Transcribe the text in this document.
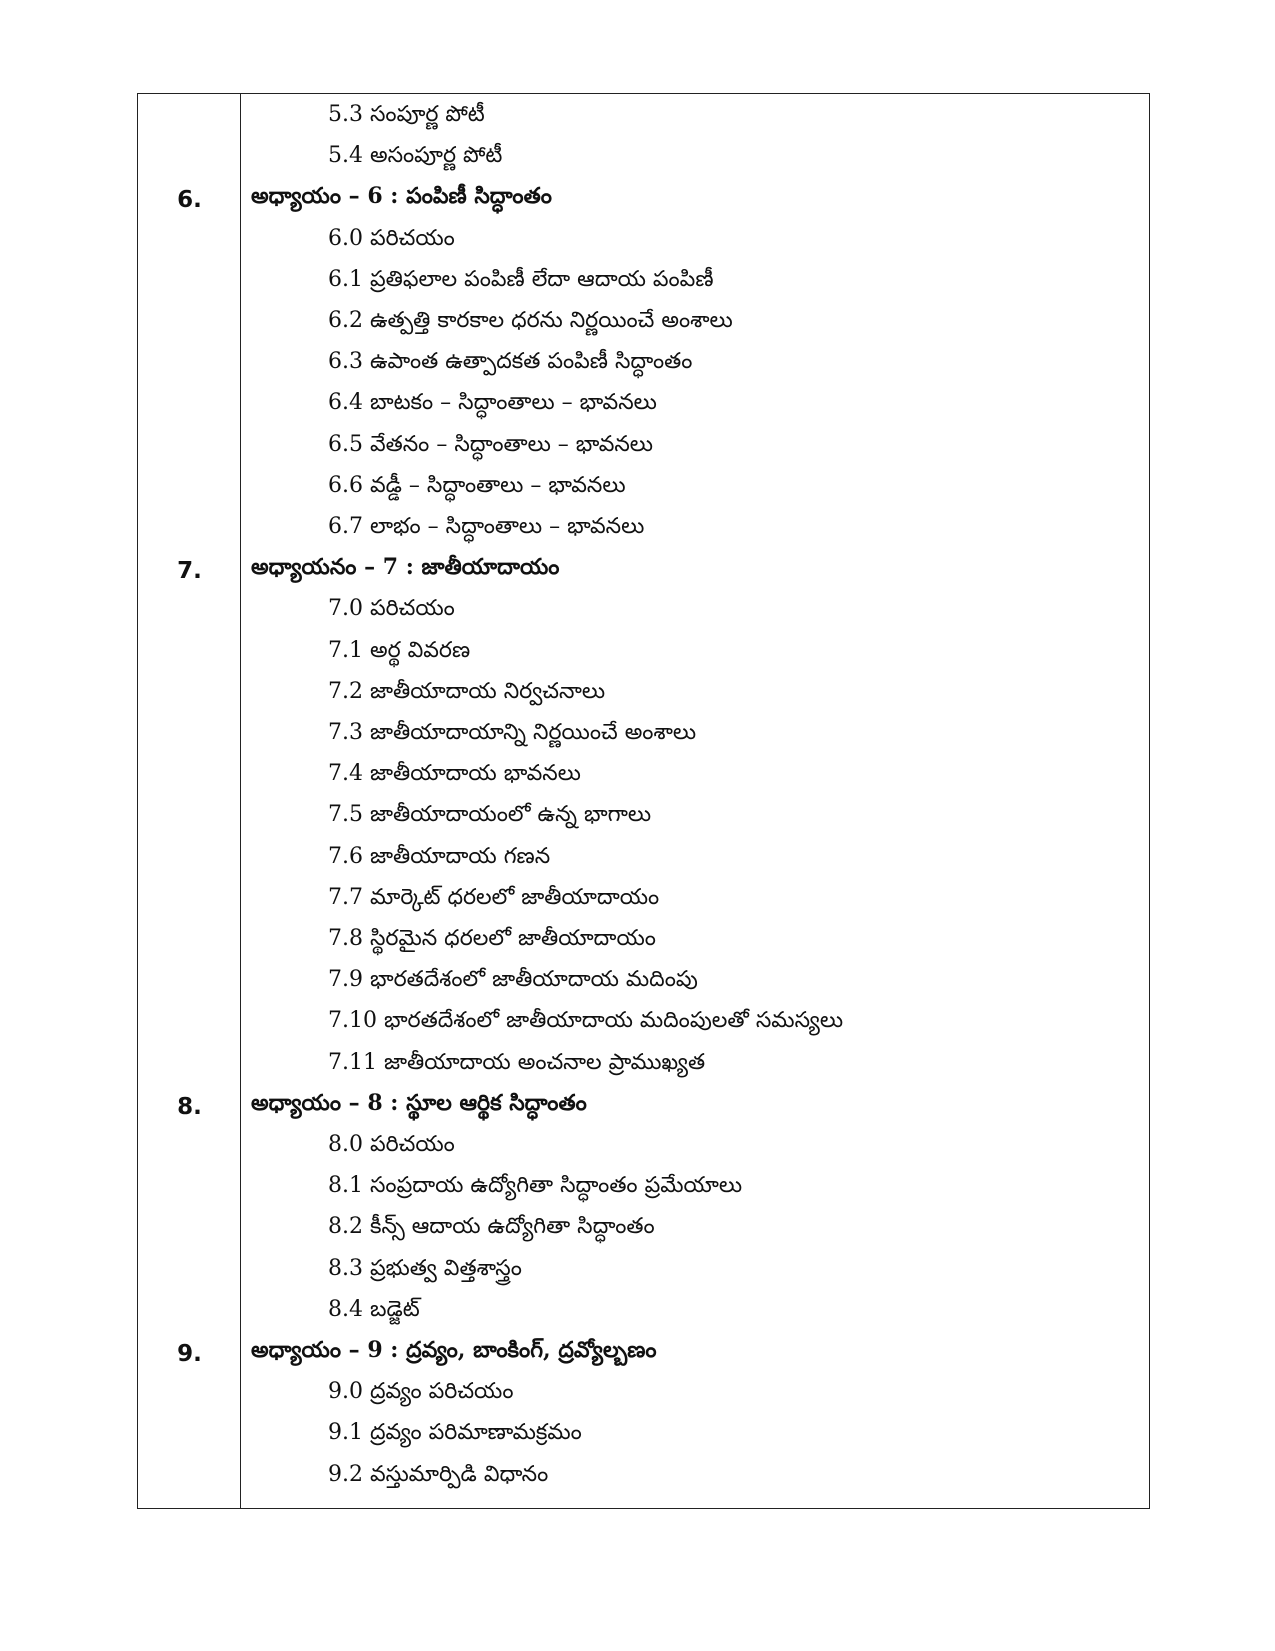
5.3 సంపూర్ణ పోటీ
5.4 అసంపూర్ణ పోటీ
6.	అధ్యాయం – 6 : పంపిణీ సిద్ధాంతం
6.0 పరిచయం
6.1 ప్రతిఫలాల పంపిణీ లేదా ఆదాయ పంపిణీ
6.2 ఉత్పత్తి కారకాల ధరను నిర్ణయించే అంశాలు
6.3 ఉపాంత ఉత్పాదకత పంపిణీ సిద్ధాంతం
6.4 బాటకం – సిద్ధాంతాలు – భావనలు
6.5 వేతనం – సిద్ధాంతాలు – భావనలు
6.6 వడ్డీ – సిద్ధాంతాలు – భావనలు
6.7 లాభం – సిద్ధాంతాలు – భావనలు
7.	అధ్యాయనం – 7 : జాతీయాదాయం
7.0 పరిచయం
7.1 అర్థ వివరణ
7.2 జాతీయాదాయ నిర్వచనాలు
7.3 జాతీయాదాయాన్ని నిర్ణయించే అంశాలు
7.4 జాతీయాదాయ భావనలు
7.5 జాతీయాదాయంలో ఉన్న భాగాలు
7.6 జాతీయాదాయ గణన
7.7 మార్కెట్ ధరలలో జాతీయాదాయం
7.8 స్థిరమైన ధరలలో జాతీయాదాయం
7.9 భారతదేశంలో జాతీయాదాయ మదింపు
7.10 భారతదేశంలో జాతీయాదాయ మదింపులతో సమస్యలు
7.11 జాతీయాదాయ అంచనాల ప్రాముఖ్యత
8.	అధ్యాయం – 8 : స్థూల ఆర్థిక సిద్ధాంతం
8.0 పరిచయం
8.1 సంప్రదాయ ఉద్యోగితా సిద్ధాంతం ప్రమేయాలు
8.2 కీన్స్ ఆదాయ ఉద్యోగితా సిద్ధాంతం
8.3 ప్రభుత్వ విత్తశాస్త్రం
8.4 బడ్జెట్
9.	అధ్యాయం – 9 : ద్రవ్యం, బాంకింగ్, ద్రవ్యోల్బణం
9.0 ద్రవ్యం పరిచయం
9.1 ద్రవ్యం పరిమాణామక్రమం
9.2 వస్తుమార్పిడి విధానం
